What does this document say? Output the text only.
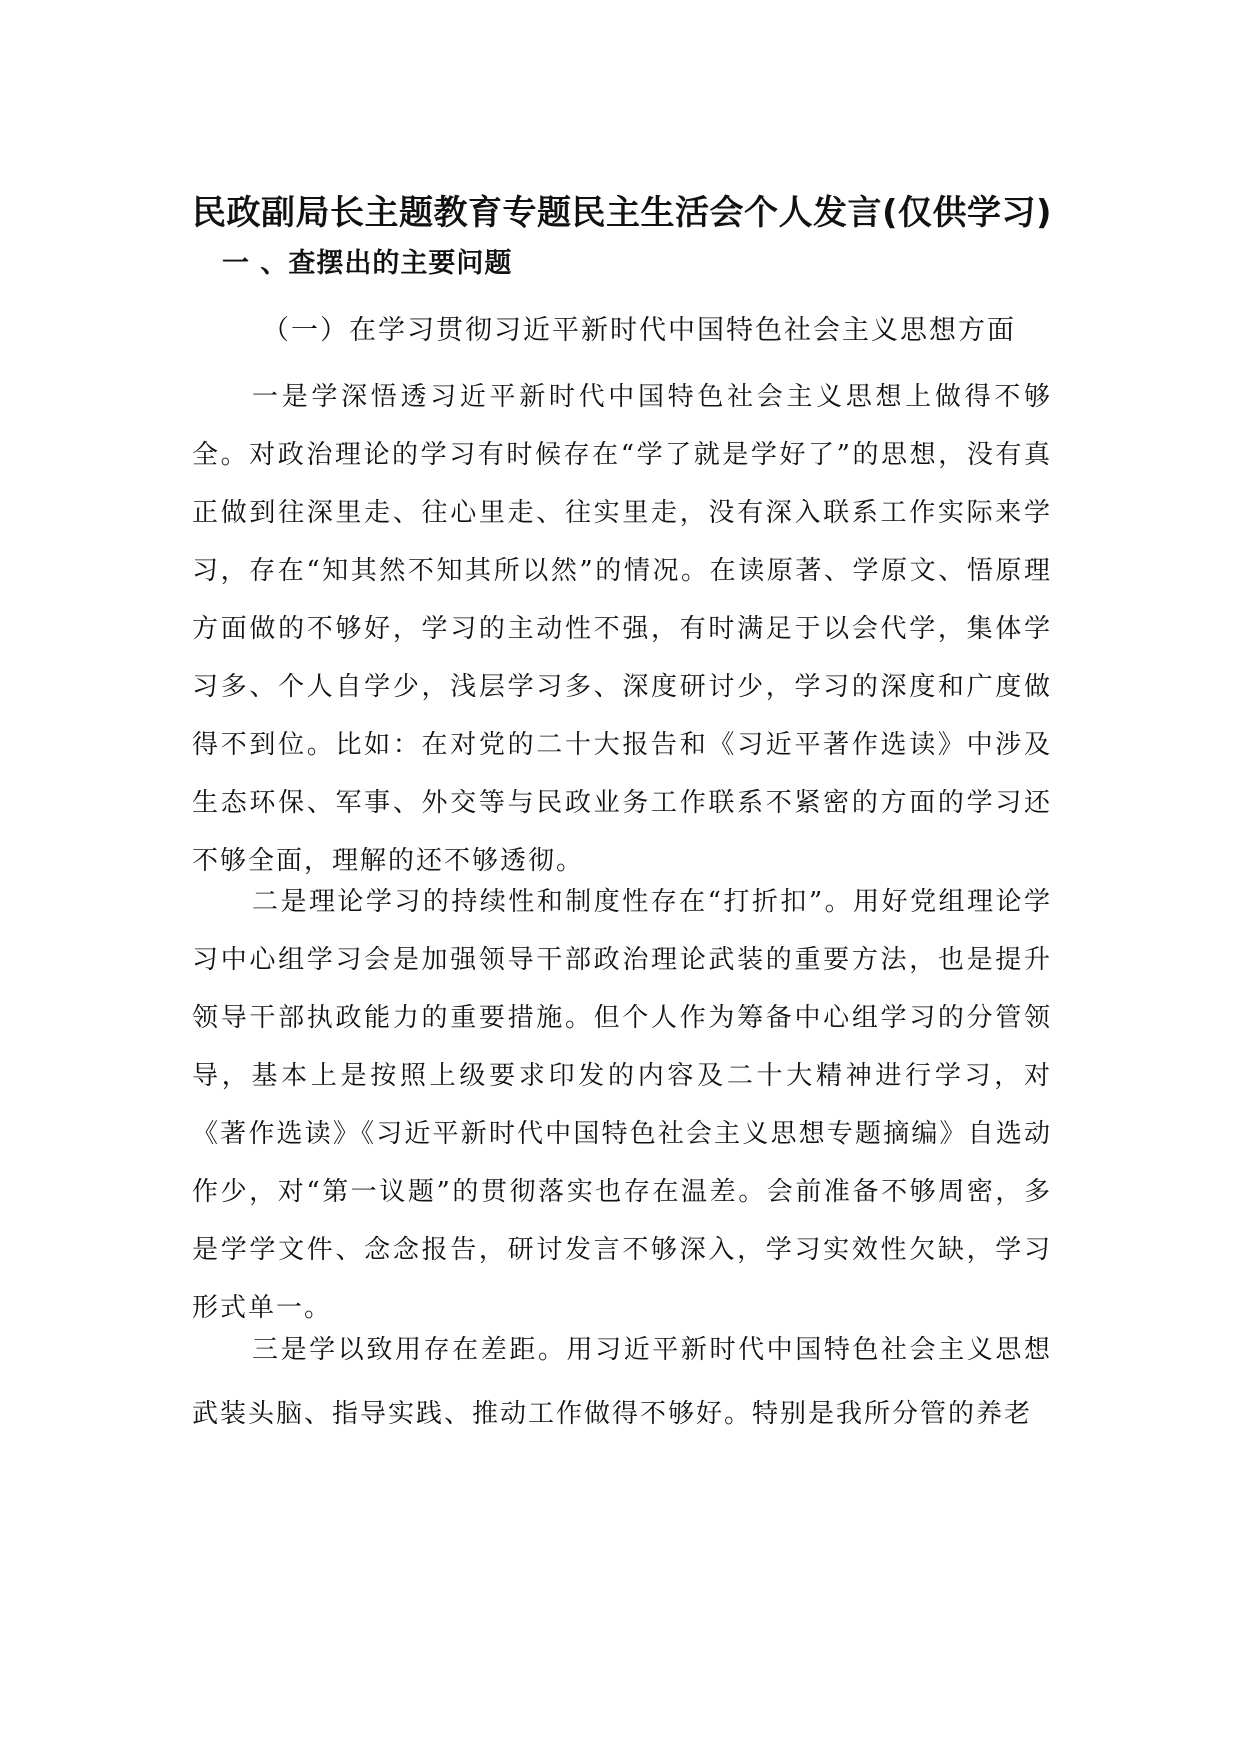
民政副局长主题教育专题民主生活会个人发言(仅供学习)
一 、查摆出的主要问题
（一）在学习贯彻习近平新时代中国特色社会主义思想方面

一是学深悟透习近平新时代中国特色社会主义思想上做得不够全。对政治理论的学习有时候存在“学了就是学好了”的思想，没有真正做到往深里走、往心里走、往实里走，没有深入联系工作实际来学习，存在“知其然不知其所以然”的情况。在读原著、学原文、悟原理方面做的不够好，学习的主动性不强，有时满足于以会代学，集体学习多、个人自学少，浅层学习多、深度研讨少，学习的深度和广度做得不到位。比如：在对党的二十大报告和《习近平著作选读》中涉及生态环保、军事、外交等与民政业务工作联系不紧密的方面的学习还不够全面，理解的还不够透彻。

二是理论学习的持续性和制度性存在“打折扣”。用好党组理论学习中心组学习会是加强领导干部政治理论武装的重要方法，也是提升领导干部执政能力的重要措施。但个人作为筹备中心组学习的分管领导，基本上是按照上级要求印发的内容及二十大精神进行学习，对《著作选读》《习近平新时代中国特色社会主义思想专题摘编》自选动作少，对“第一议题”的贯彻落实也存在温差。会前准备不够周密，多是学学文件、念念报告，研讨发言不够深入，学习实效性欠缺，学习形式单一。

三是学以致用存在差距。用习近平新时代中国特色社会主义思想武装头脑、指导实践、推动工作做得不够好。特别是我所分管的养老
